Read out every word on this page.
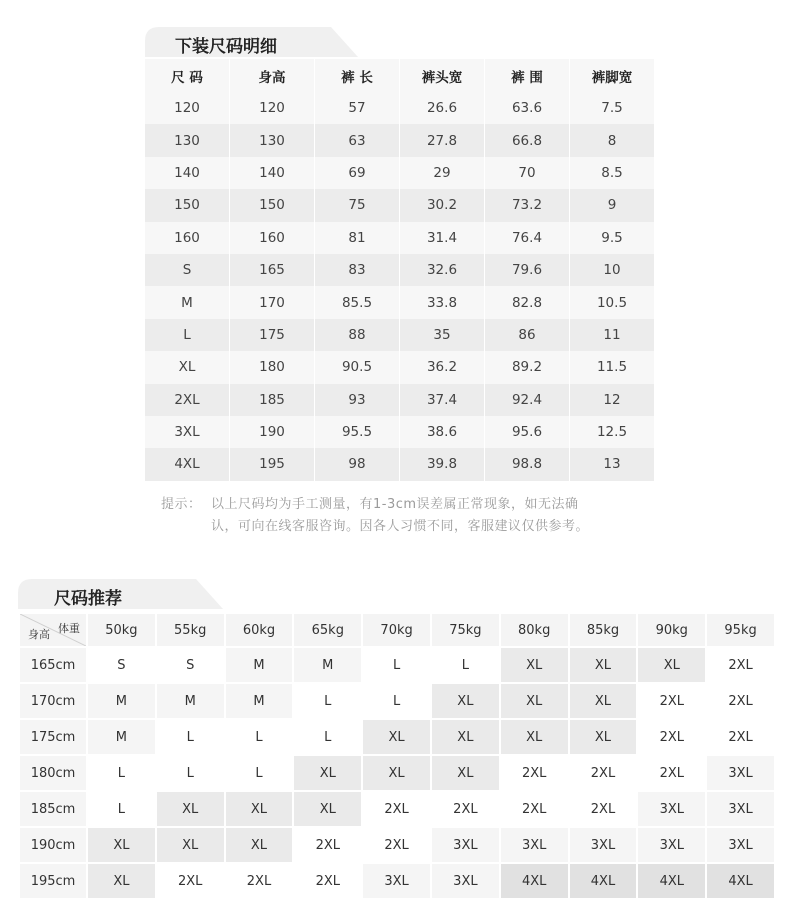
下装尺码明细
尺 码	身高	裤 长	裤头宽	裤 围	裤脚宽
120	120	57	26.6	63.6	7.5
130	130	63	27.8	66.8	8
140	140	69	29	70	8.5
150	150	75	30.2	73.2	9
160	160	81	31.4	76.4	9.5
S	165	83	32.6	79.6	10
M	170	85.5	33.8	82.8	10.5
L	175	88	35	86	11
XL	180	90.5	36.2	89.2	11.5
2XL	185	93	37.4	92.4	12
3XL	190	95.5	38.6	95.6	12.5
4XL	195	98	39.8	98.8	13
提示： 以上尺码均为手工测量，有1-3cm误差属正常现象，如无法确
认，可向在线客服咨询。因各人习惯不同，客服建议仅供参考。
尺码推荐
体重
身高	50kg	55kg	60kg	65kg	70kg	75kg	80kg	85kg	90kg	95kg
165cm	S	S	M	M	L	L	XL	XL	XL	2XL
170cm	M	M	M	L	L	XL	XL	XL	2XL	2XL
175cm	M	L	L	L	XL	XL	XL	XL	2XL	2XL
180cm	L	L	L	XL	XL	XL	2XL	2XL	2XL	3XL
185cm	L	XL	XL	XL	2XL	2XL	2XL	2XL	3XL	3XL
190cm	XL	XL	XL	2XL	2XL	3XL	3XL	3XL	3XL	3XL
195cm	XL	2XL	2XL	2XL	3XL	3XL	4XL	4XL	4XL	4XL
